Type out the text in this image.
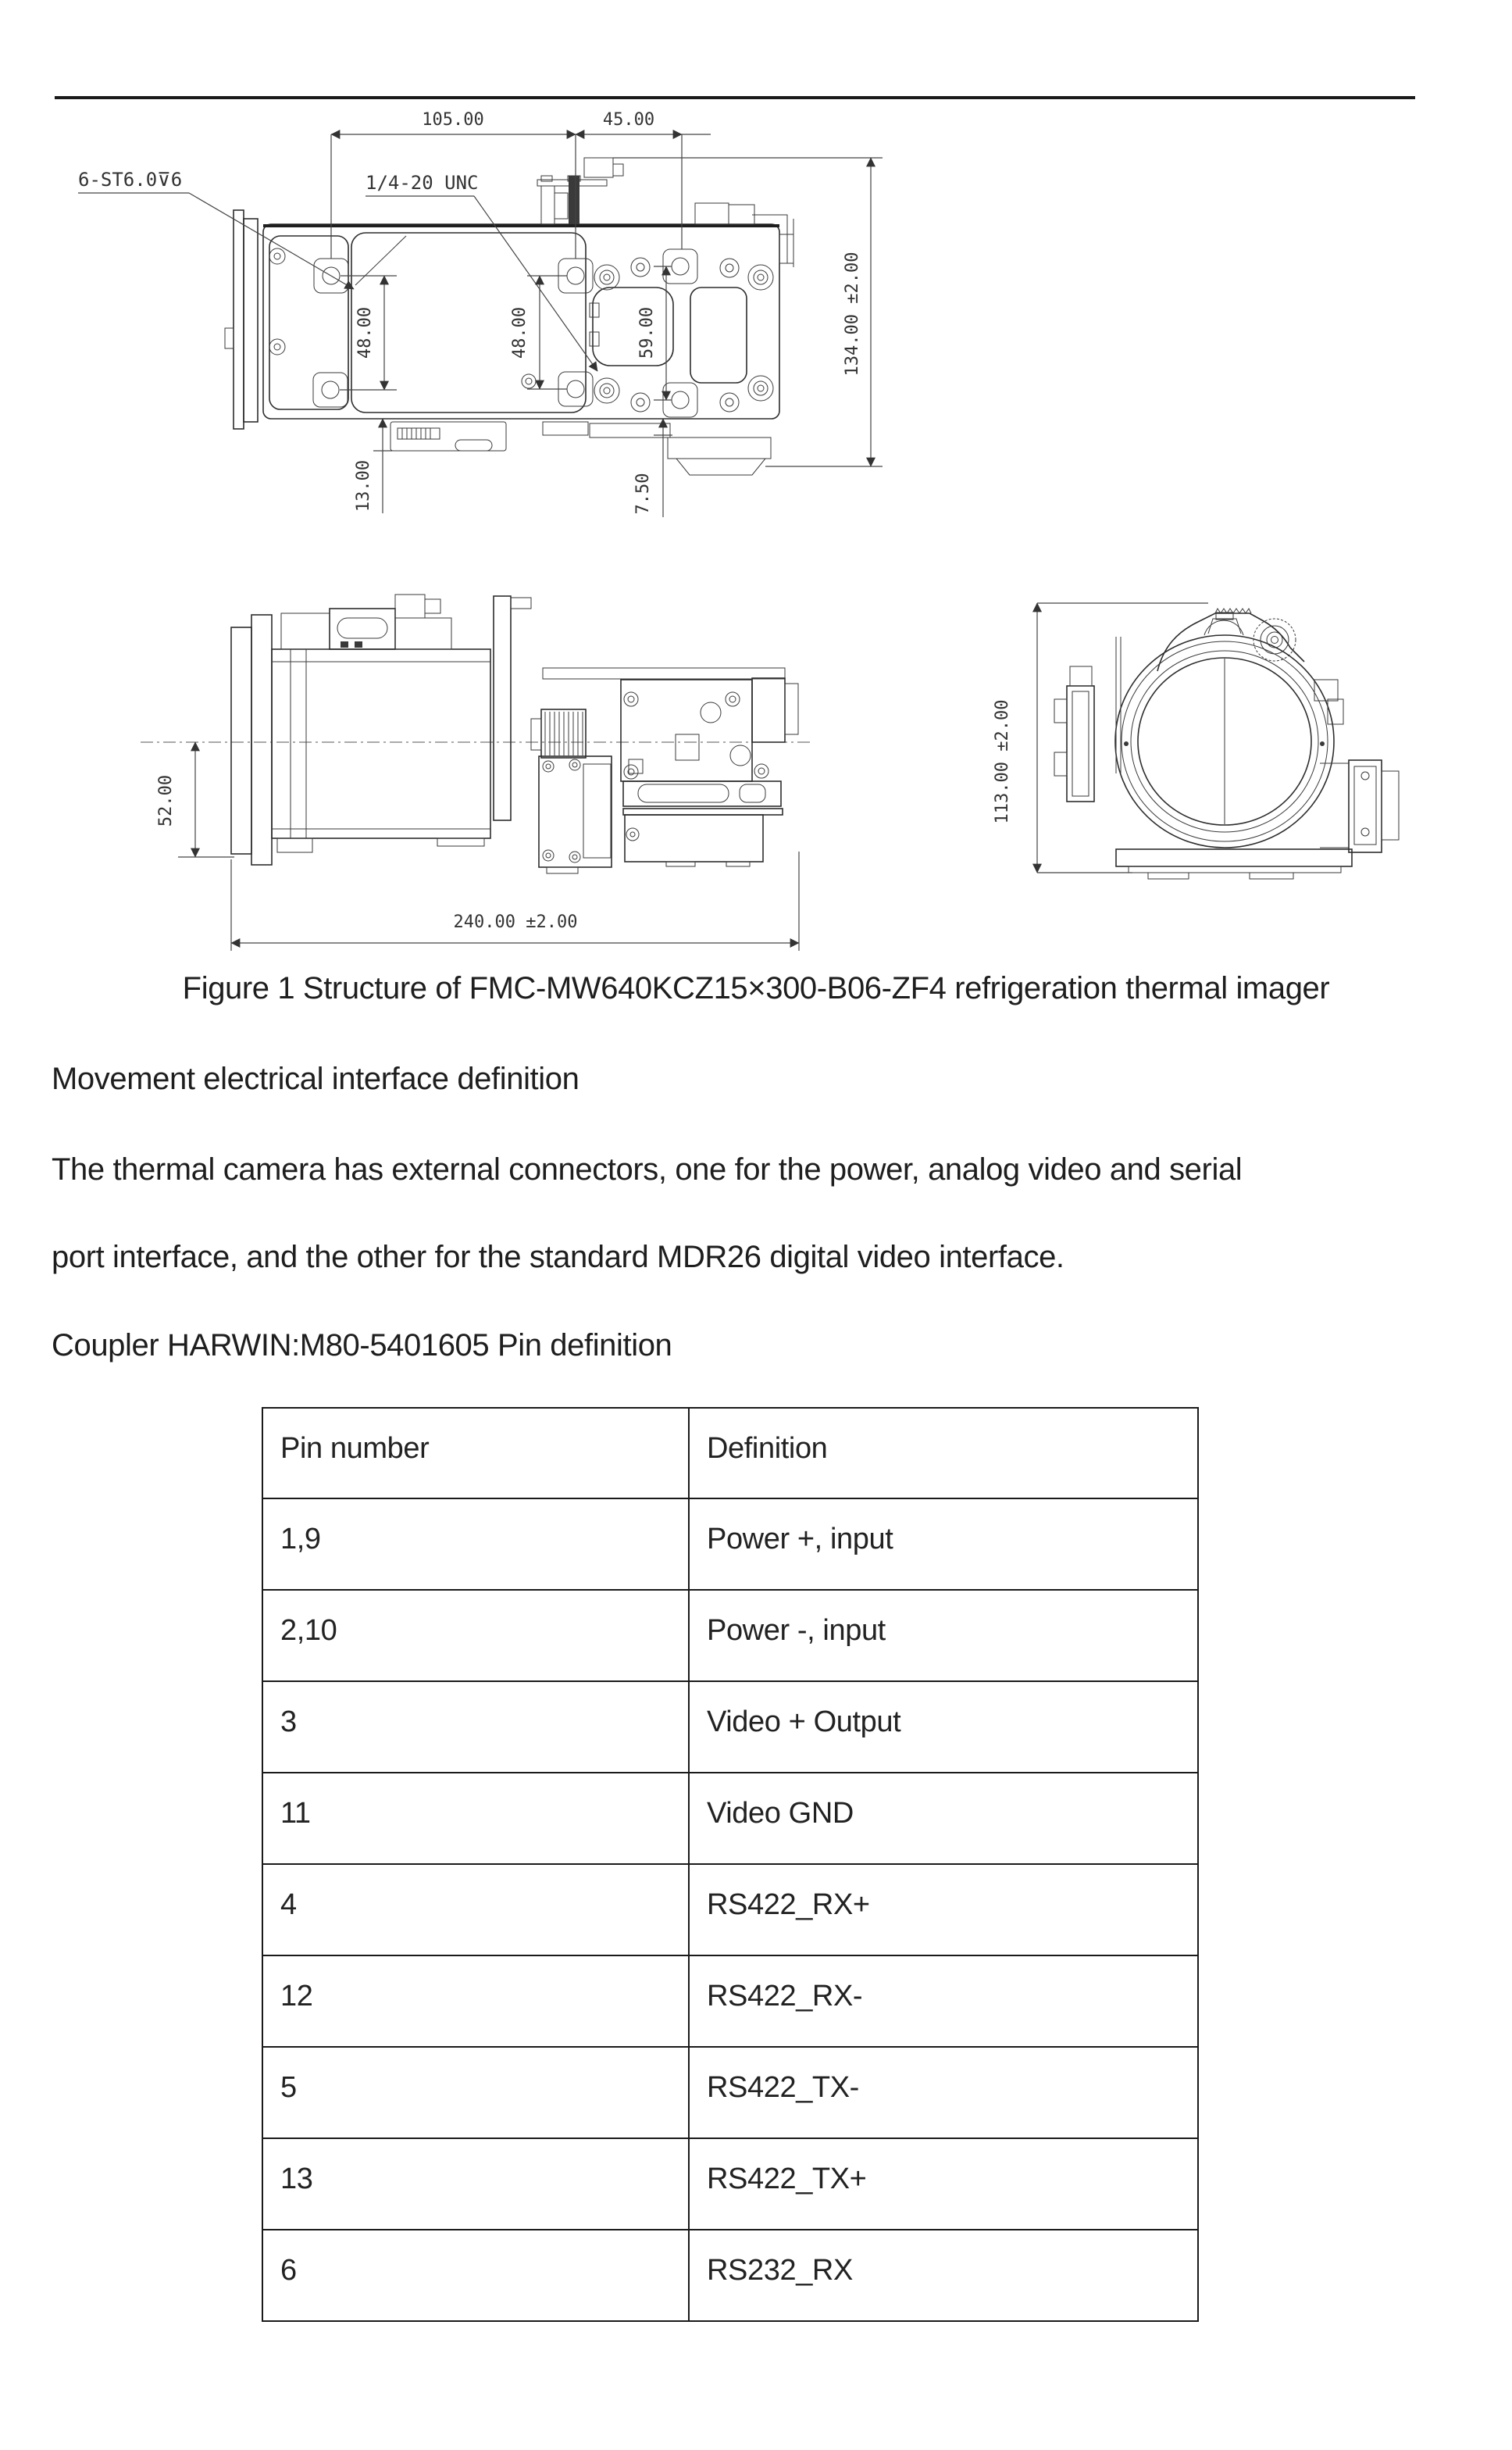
105.00	45.00
6-ST6.0⊽6	1/4-20 UNC
48.00	48.00	59.00	134.00 ±2.00
13.00	7.50
52.00
240.00 ±2.00
113.00 ±2.00
Figure 1 Structure of FMC-MW640KCZ15×300-B06-ZF4 refrigeration thermal imager
Movement electrical interface definition
The thermal camera has external connectors, one for the power, analog video and serial
port interface, and the other for the standard MDR26 digital video interface.
Coupler HARWIN:M80-5401605 Pin definition
Pin number	Definition
1,9	Power +, input
2,10	Power -, input
3	Video + Output
11	Video GND
4	RS422_RX+
12	RS422_RX-
5	RS422_TX-
13	RS422_TX+
6	RS232_RX
